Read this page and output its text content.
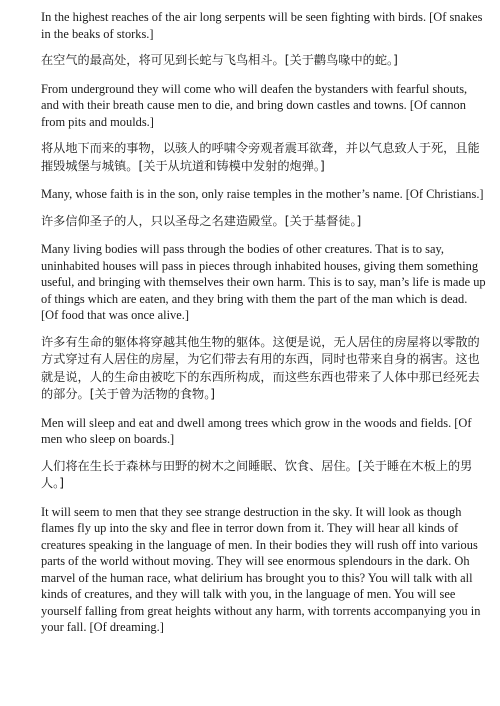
In the highest reaches of the air long serpents will be seen fighting with birds. [Of snakes in the beaks of storks.]

在空气的最高处，将可见到长蛇与飞鸟相斗。[关于鹳鸟喙中的蛇。]

From underground they will come who will deafen the bystanders with fearful shouts, and with their breath cause men to die, and bring down castles and towns. [Of cannon from pits and moulds.]

将从地下而来的事物，以骇人的呼啸令旁观者震耳欲聋，并以气息致人于死，且能摧毁城堡与城镇。[关于从坑道和铸模中发射的炮弹。]

Many, whose faith is in the son, only raise temples in the mother’s name. [Of Christians.]

许多信仰圣子的人，只以圣母之名建造殿堂。[关于基督徒。]

Many living bodies will pass through the bodies of other creatures. That is to say, uninhabited houses will pass in pieces through inhabited houses, giving them something useful, and bringing with themselves their own harm. This is to say, man’s life is made up of things which are eaten, and they bring with them the part of the man which is dead. [Of food that was once alive.]

许多有生命的躯体将穿越其他生物的躯体。这便是说，无人居住的房屋将以零散的方式穿过有人居住的房屋，为它们带去有用的东西，同时也带来自身的祸害。这也就是说，人的生命由被吃下的东西所构成，而这些东西也带来了人体中那已经死去的部分。[关于曾为活物的食物。]

Men will sleep and eat and dwell among trees which grow in the woods and fields. [Of men who sleep on boards.]

人们将在生长于森林与田野的树木之间睡眠、饮食、居住。[关于睡在木板上的男人。]

It will seem to men that they see strange destruction in the sky. It will look as though flames fly up into the sky and flee in terror down from it. They will hear all kinds of creatures speaking in the language of men. In their bodies they will rush off into various parts of the world without moving. They will see enormous splendours in the dark. Oh marvel of the human race, what delirium has brought you to this? You will talk with all kinds of creatures, and they will talk with you, in the language of men. You will see yourself falling from great heights without any harm, with torrents accompanying you in your fall. [Of dreaming.]
